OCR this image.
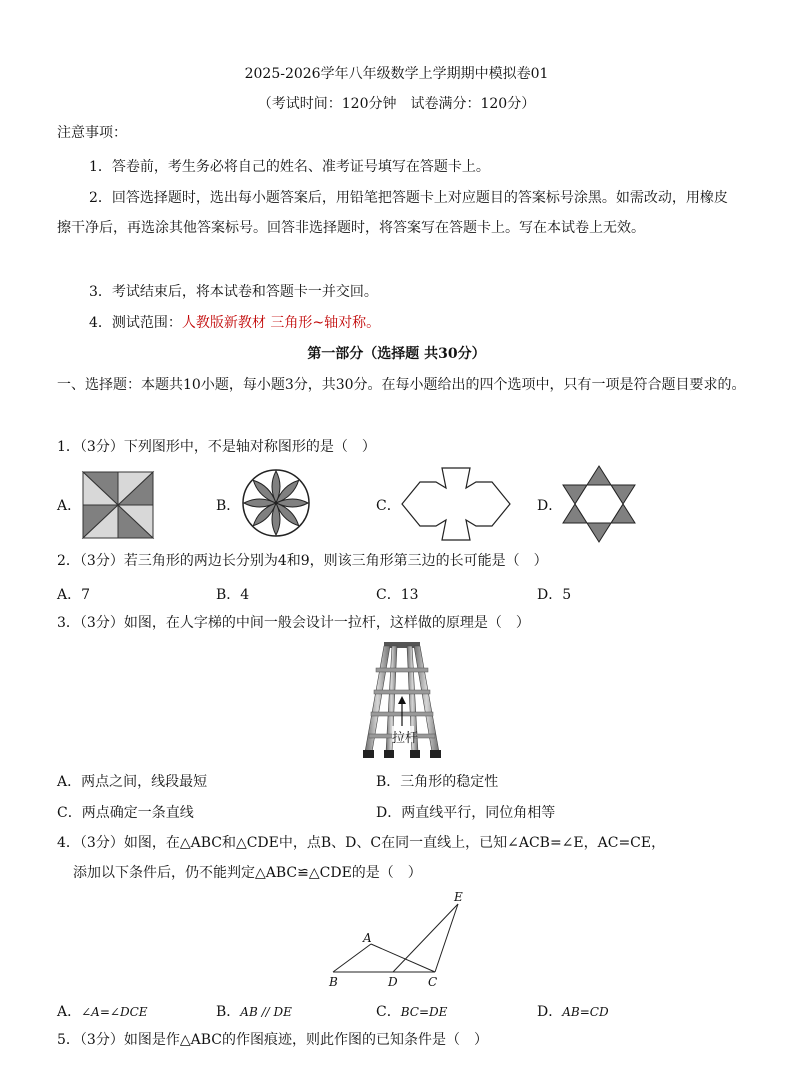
2025-2026学年八年级数学上学期期中模拟卷01
（考试时间：120分钟　试卷满分：120分）
注意事项：
1．答卷前，考生务必将自己的姓名、准考证号填写在答题卡上。
2．回答选择题时，选出每小题答案后，用铅笔把答题卡上对应题目的答案标号涂黑。如需改动，用橡皮擦干净后，再选涂其他答案标号。回答非选择题时，将答案写在答题卡上。写在本试卷上无效。
3．考试结束后，将本试卷和答题卡一并交回。
4．测试范围：人教版新教材 三角形~轴对称。
第一部分（选择题 共30分）
一、选择题：本题共10小题，每小题3分，共30分。在每小题给出的四个选项中，只有一项是符合题目要求的。
1．（3分）下列图形中，不是轴对称图形的是（　）
A．	B．	C．	D．
2．（3分）若三角形的两边长分别为4和9，则该三角形第三边的长可能是（　）
A．7	B．4	C．13	D．5
3．（3分）如图，在人字梯的中间一般会设计一拉杆，这样做的原理是（　）
拉杆
A．两点之间，线段最短	B．三角形的稳定性
C．两点确定一条直线	D．两直线平行，同位角相等
4．（3分）如图，在△ABC和△CDE中，点B、D、C在同一直线上，已知∠ACB=∠E，AC=CE，
添加以下条件后，仍不能判定△ABC≌△CDE的是（　）
E
A
B	D	C
A．∠A=∠DCE	B．AB // DE	C．BC=DE	D．AB=CD
5．（3分）如图是作△ABC的作图痕迹，则此作图的已知条件是（　）
